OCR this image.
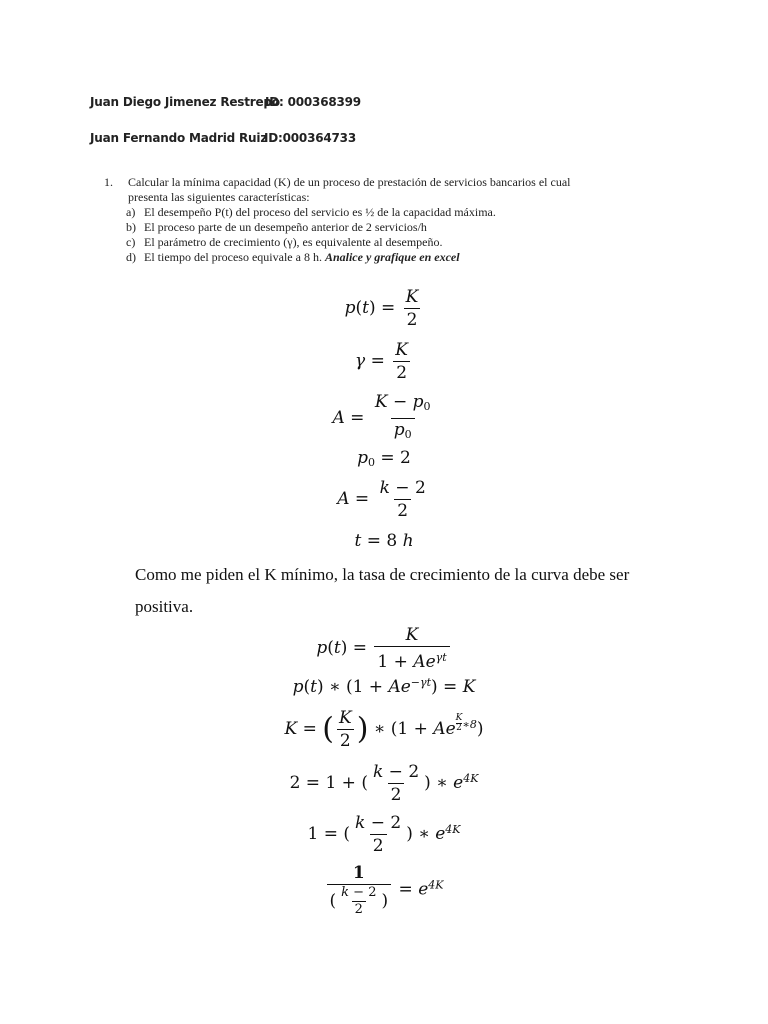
Juan Diego Jimenez Restrepo
ID: 000368399
Juan Fernando Madrid Ruiz
ID:000364733
1. Calcular la mínima capacidad (K) de un proceso de prestación de servicios bancarios el cual
presenta las siguientes características:
a) El desempeño P(t) del proceso del servicio es ½ de la capacidad máxima.
b) El proceso parte de un desempeño anterior de 2 servicios/h
c) El parámetro de crecimiento (γ), es equivalente al desempeño.
d) El tiempo del proceso equivale a 8 h. Analice y grafique en excel
$p(t) = \frac{K}{2}$
$\gamma = \frac{K}{2}$
$A = \frac{K - p_0}{p_0}$
$p_0 = 2$
$A = \frac{k - 2}{2}$
t = 8 h
Como me piden el K mínimo, la tasa de crecimiento de la curva debe ser
positiva.
$p(t) = \frac{K}{1 + Ae^{\gamma t}}$
p(t) ∗ $(1 + Ae^{-\gamma t}) = K$
K = ( $\frac{K}{2}$ ) ∗ (1 + Ae $\frac{K}{2} ^{∗8}$)
2 = 1 + ( $\frac{k - 2}{2}$ ) ∗ $e^{4K}$
1 = ( $\frac{k - 2}{2}$ ) ∗ $e^{4K}$
$\frac{1}{( \frac{k - 2}{2} )} = e^{4K}$
